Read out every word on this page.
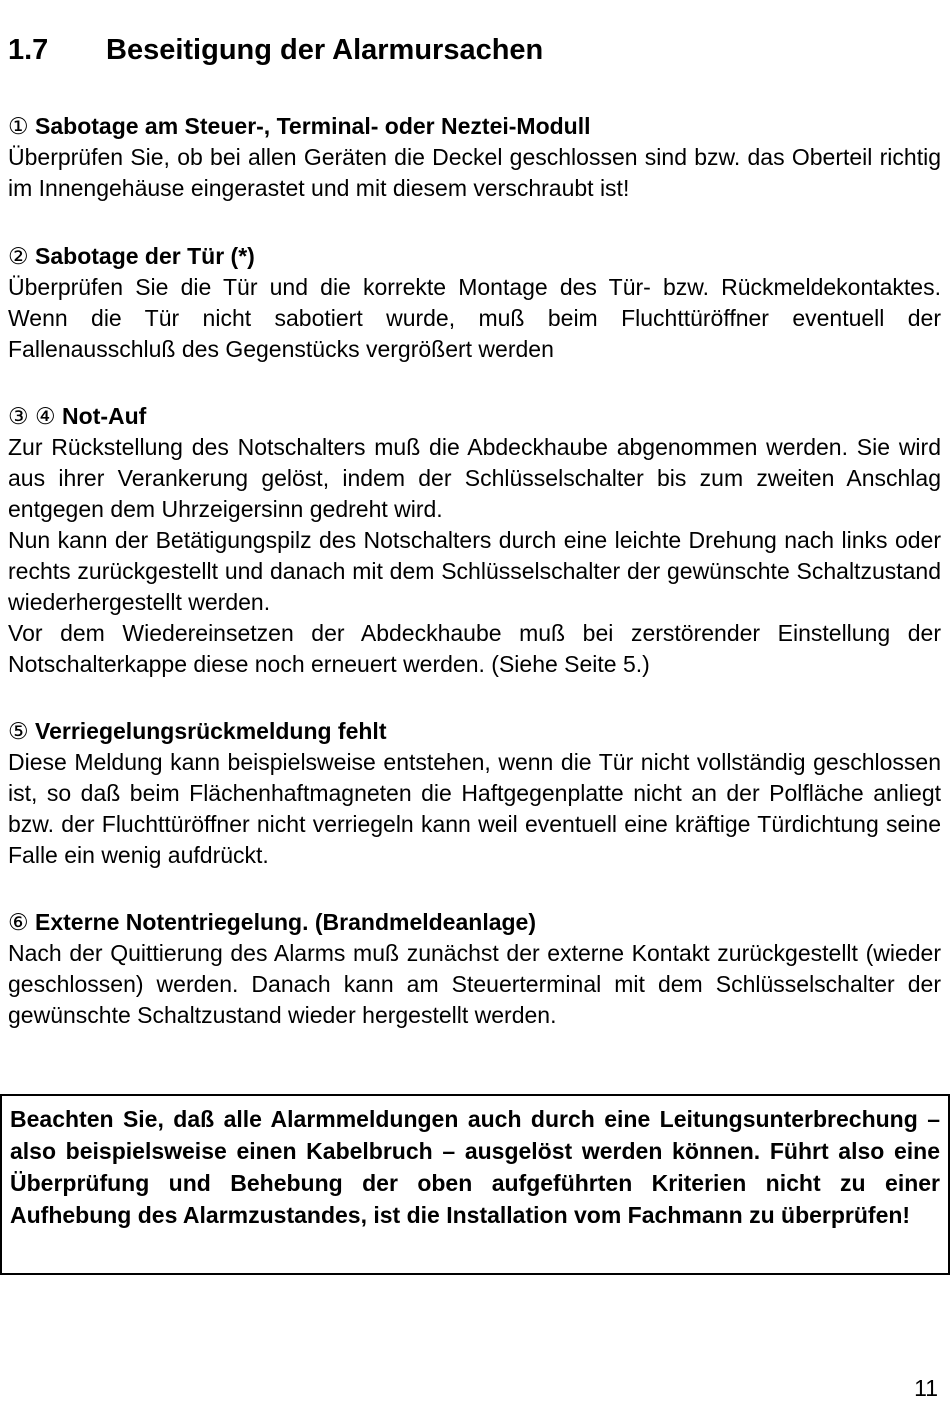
1.7 Beseitigung der Alarmursachen
① Sabotage am Steuer-, Terminal- oder Neztei-Modull
Überprüfen Sie, ob bei allen Geräten die Deckel geschlossen sind bzw. das Oberteil richtig im Innengehäuse eingerastet und mit diesem verschraubt ist!
② Sabotage der Tür (*)
Überprüfen Sie die Tür und die korrekte Montage des Tür- bzw. Rückmeldekontaktes. Wenn die Tür nicht sabotiert wurde, muß beim Fluchttüröffner eventuell der Fallenausschluß des Gegenstücks vergrößert werden
③ ④ Not-Auf
Zur Rückstellung des Notschalters muß die Abdeckhaube abgenommen werden. Sie wird aus ihrer Verankerung gelöst, indem der Schlüsselschalter bis zum zweiten Anschlag entgegen dem Uhrzeigersinn gedreht wird.
Nun kann der Betätigungspilz des Notschalters durch eine leichte Drehung nach links oder rechts zurückgestellt und danach mit dem Schlüsselschalter der gewünschte Schaltzustand wiederhergestellt werden.
Vor dem Wiedereinsetzen der Abdeckhaube muß bei zerstörender Einstellung der Notschalterkappe diese noch erneuert werden. (Siehe Seite 5.)
⑤ Verriegelungsrückmeldung fehlt
Diese Meldung kann beispielsweise entstehen, wenn die Tür nicht vollständig geschlossen ist, so daß beim Flächenhaftmagneten die Haftgegenplatte nicht an der Polfläche anliegt bzw. der Fluchttüröffner nicht verriegeln kann weil eventuell eine kräftige Türdichtung seine Falle ein wenig aufdrückt.
⑥ Externe Notentriegelung. (Brandmeldeanlage)
Nach der Quittierung des Alarms muß zunächst der externe Kontakt zurückgestellt (wieder geschlossen) werden. Danach kann am Steuerterminal mit dem Schlüsselschalter der gewünschte Schaltzustand wieder hergestellt werden.
Beachten Sie, daß alle Alarmmeldungen auch durch eine Leitungsunterbrechung – also beispielsweise einen Kabelbruch – ausgelöst werden können. Führt also eine Überprüfung und Behebung der oben aufgeführten Kriterien nicht zu einer Aufhebung des Alarmzustandes, ist die Installation vom Fachmann zu überprüfen!
11
